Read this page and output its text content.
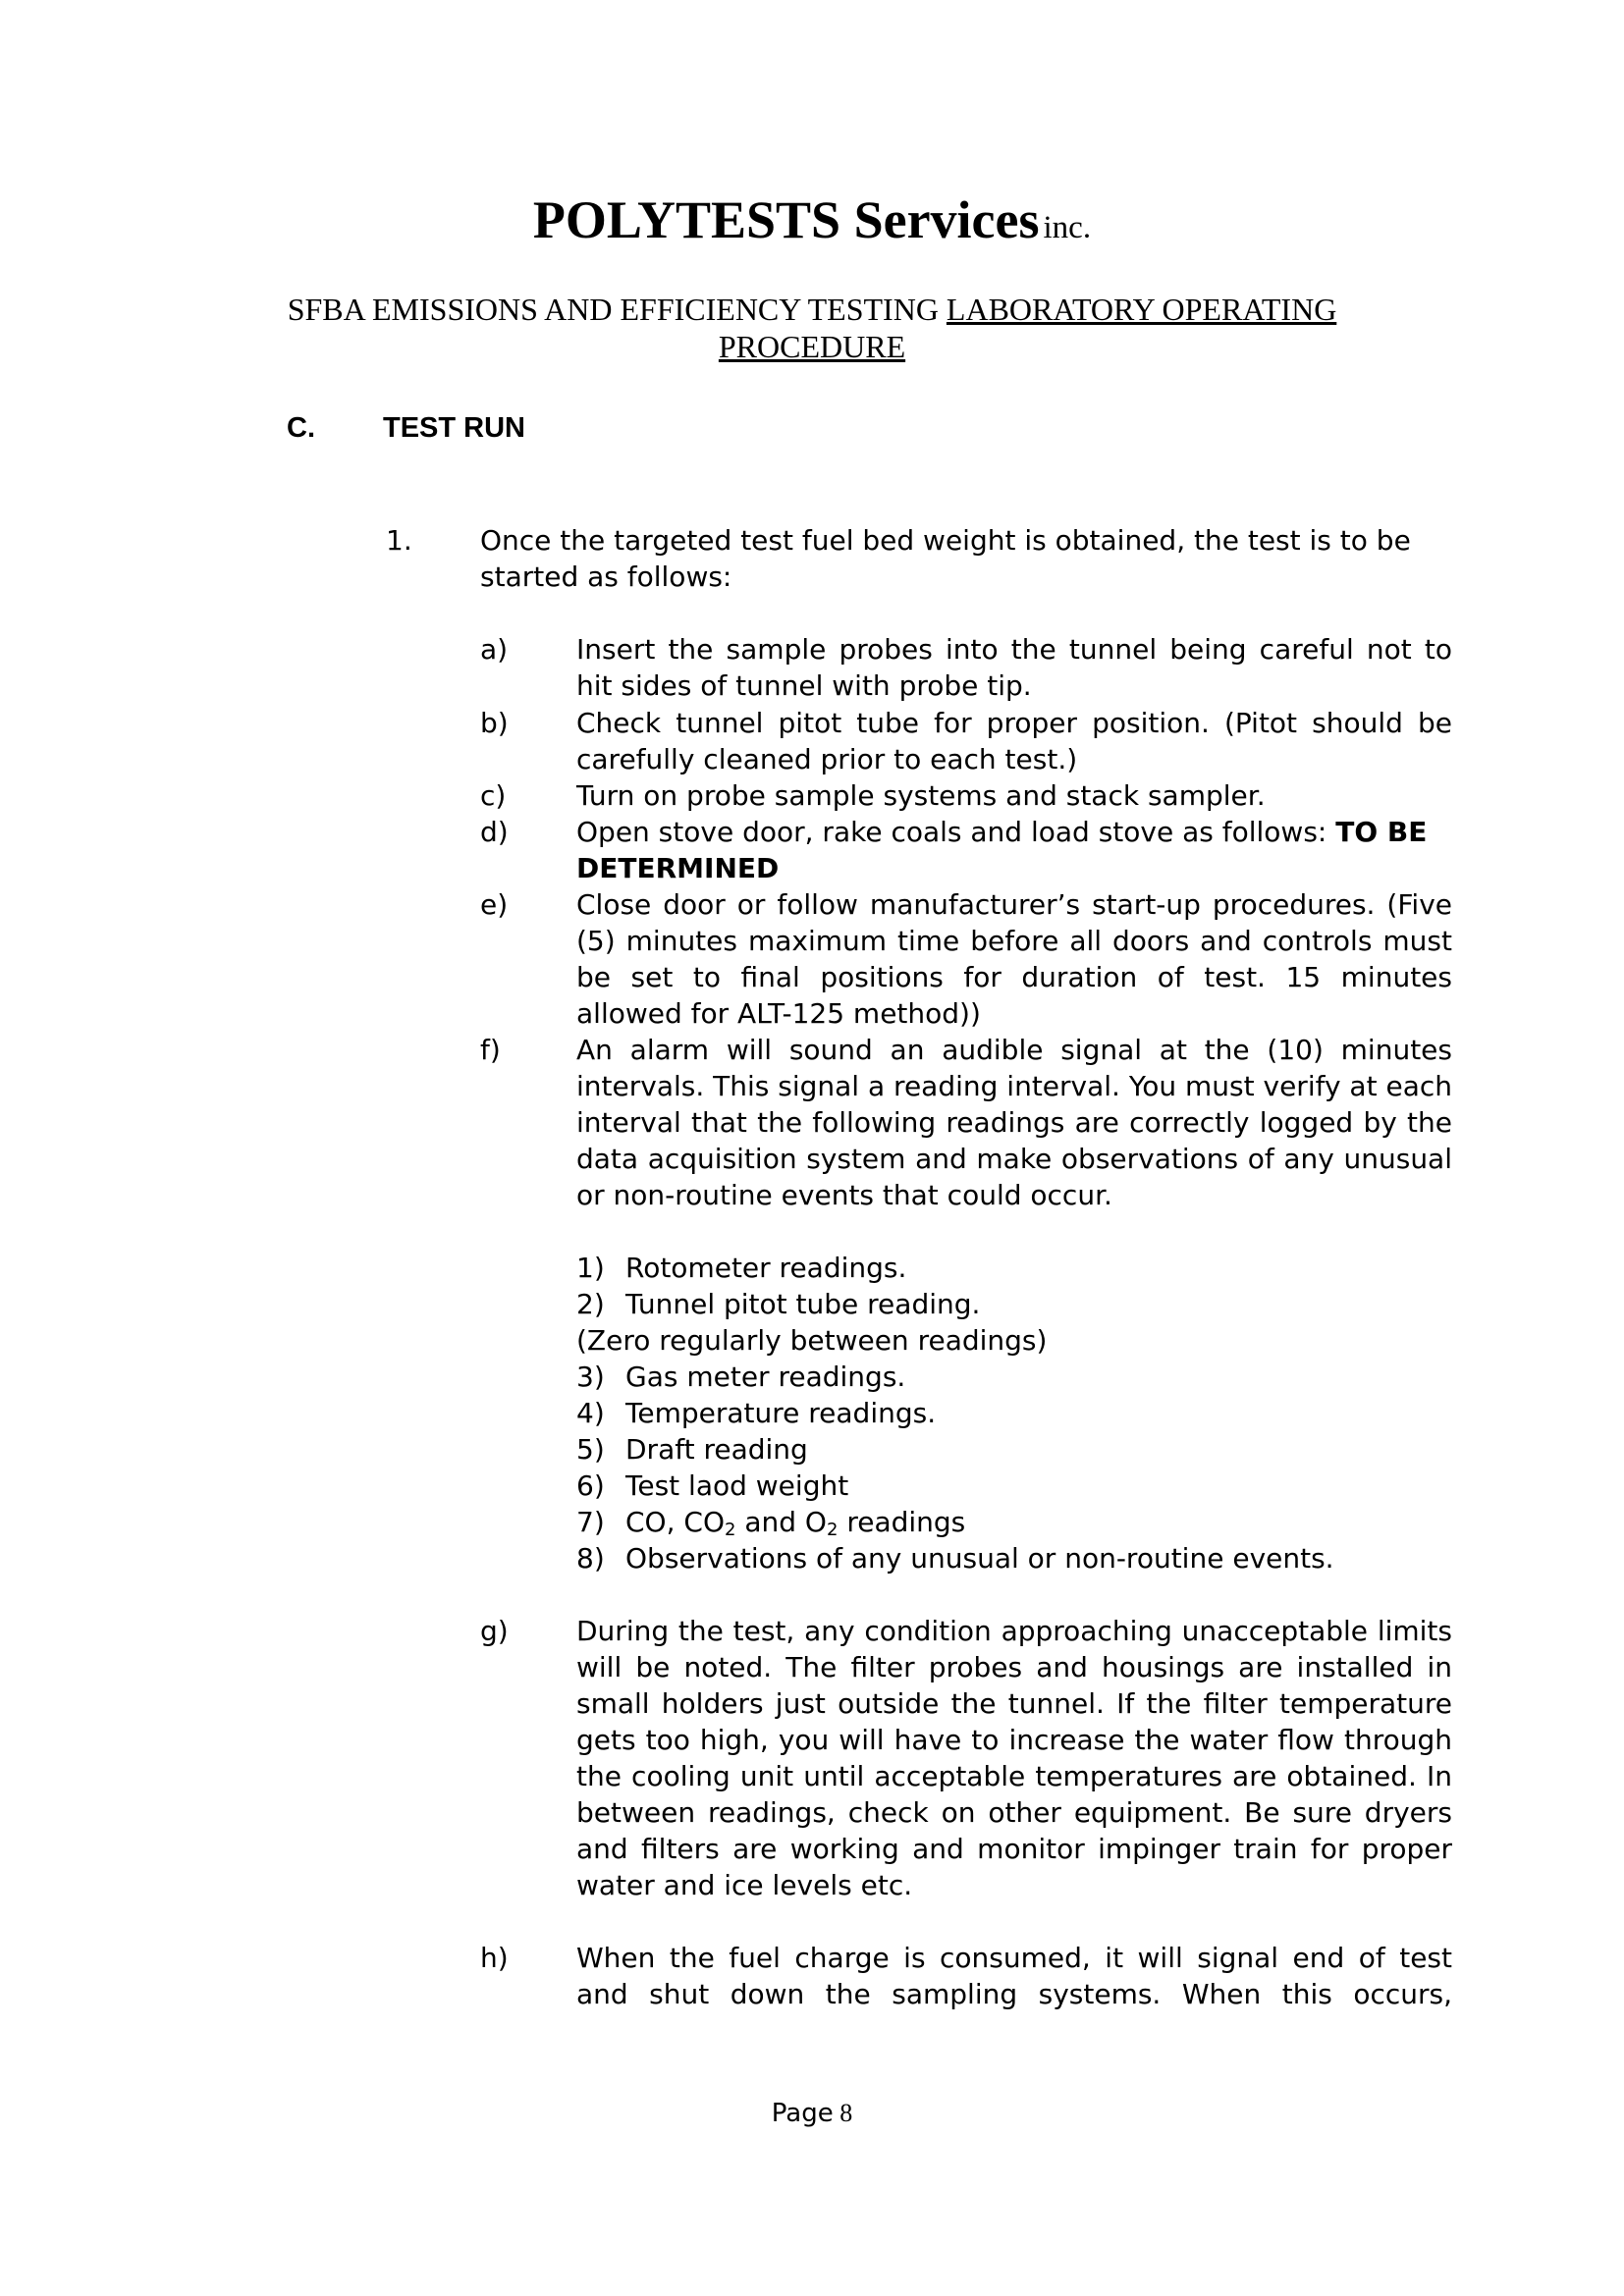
POLYTESTS Services inc.
SFBA EMISSIONS AND EFFICIENCY TESTING LABORATORY OPERATING
PROCEDURE
C. TEST RUN
1. Once the targeted test fuel bed weight is obtained, the test is to be started as follows:
a) Insert the sample probes into the tunnel being careful not to hit sides of tunnel with probe tip.
b) Check tunnel pitot tube for proper position. (Pitot should be carefully cleaned prior to each test.)
c)	Turn on probe sample systems and stack sampler.
d) Open stove door, rake coals and load stove as follows: TO BE
DETERMINED
e) Close door or follow manufacturer’s start-up procedures. (Five (5) minutes maximum time before all doors and controls must be set to final positions for duration of test. 15 minutes allowed for ALT-125 method))
f)	An alarm will sound an audible signal at the (10) minutes intervals. This signal a reading interval. You must verify at each interval that the following readings are correctly logged by the data acquisition system and make observations of any unusual or non-routine events that could occur.
1) Rotometer readings.
2) Tunnel pitot tube reading.
(Zero regularly between readings)
3) Gas meter readings.
4) Temperature readings.
5) Draft reading
6) Test laod weight
7) CO, $CO_2$ and $O_2$ readings
8) Observations of any unusual or non-routine events.
g) During the test, any condition approaching unacceptable limits will be noted. The filter probes and housings are installed in small holders just outside the tunnel. If the filter temperature gets too high, you will have to increase the water flow through the cooling unit until acceptable temperatures are obtained. In between readings, check on other equipment. Be sure dryers and filters are working and monitor impinger train for proper water and ice levels etc.
h) When the fuel charge is consumed, it will signal end of test and shut down the sampling systems. When this occurs,
Page 8
